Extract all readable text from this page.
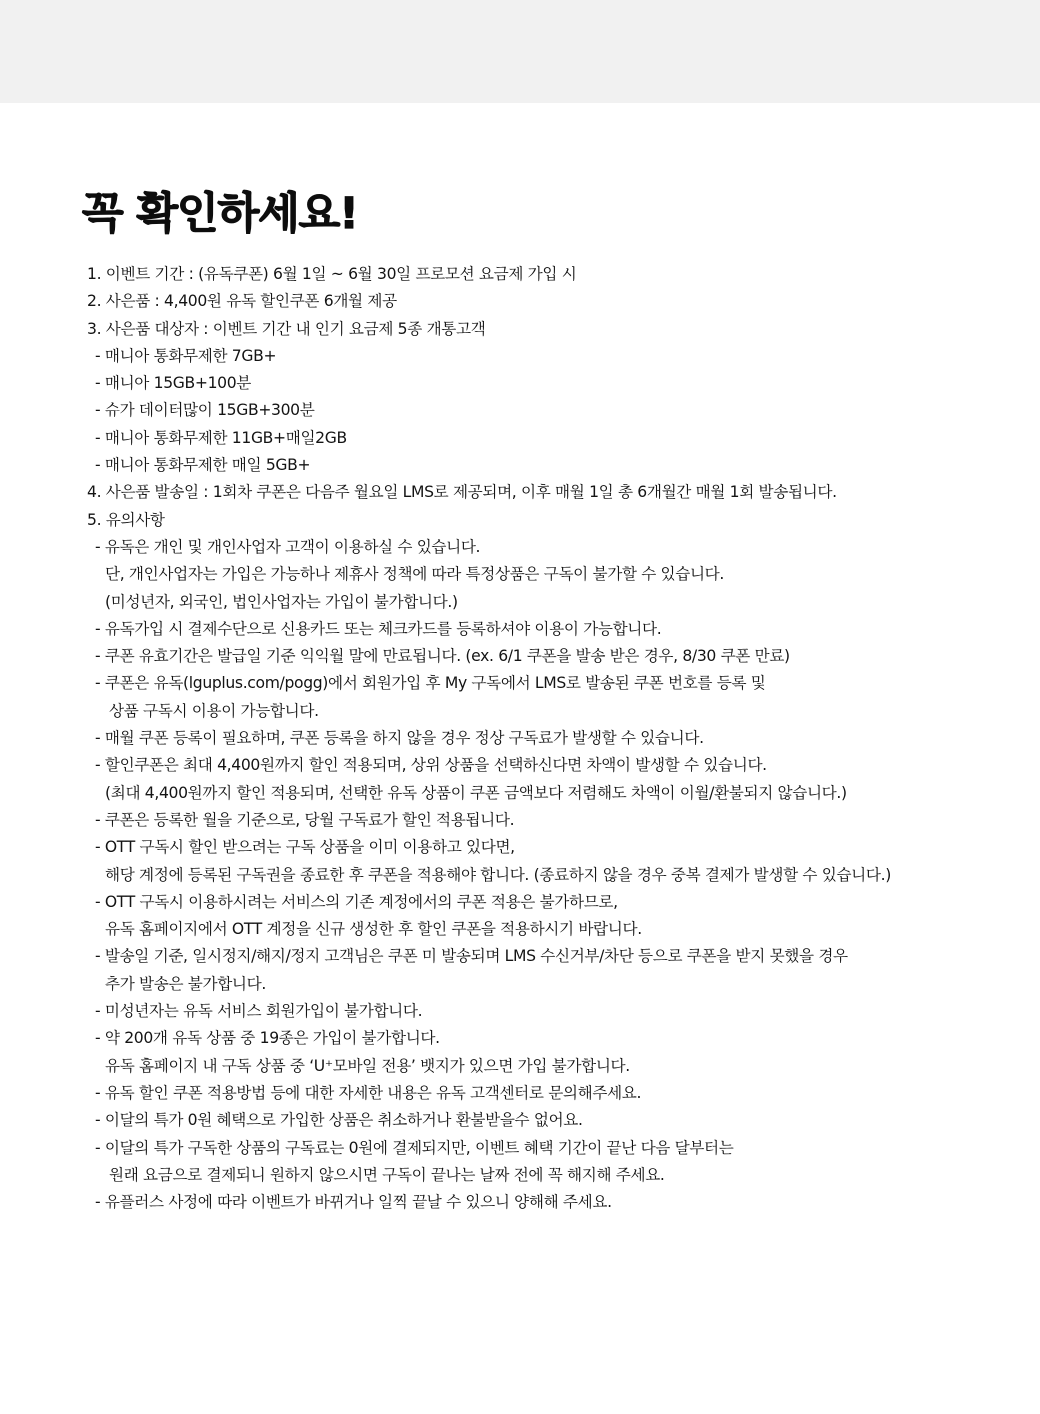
꼭 확인하세요!
1. 이벤트 기간 : (유독쿠폰) 6월 1일 ~ 6월 30일 프로모션 요금제 가입 시
2. 사은품 : 4,400원 유독 할인쿠폰 6개월 제공
3. 사은품 대상자 : 이벤트 기간 내 인기 요금제 5종 개통고객
- 매니아 통화무제한 7GB+
- 매니아 15GB+100분
- 슈가 데이터많이 15GB+300분
- 매니아 통화무제한 11GB+매일2GB
- 매니아 통화무제한 매일 5GB+
4. 사은품 발송일 : 1회차 쿠폰은 다음주 월요일 LMS로 제공되며, 이후 매월 1일 총 6개월간 매월 1회 발송됩니다.
5. 유의사항
- 유독은 개인 및 개인사업자 고객이 이용하실 수 있습니다.
단, 개인사업자는 가입은 가능하나 제휴사 정책에 따라 특정상품은 구독이 불가할 수 있습니다.
(미성년자, 외국인, 법인사업자는 가입이 불가합니다.)
- 유독가입 시 결제수단으로 신용카드 또는 체크카드를 등록하셔야 이용이 가능합니다.
- 쿠폰 유효기간은 발급일 기준 익익월 말에 만료됩니다. (ex. 6/1 쿠폰을 발송 받은 경우, 8/30 쿠폰 만료)
- 쿠폰은 유독(lguplus.com/pogg)에서 회원가입 후 My 구독에서 LMS로 발송된 쿠폰 번호를 등록 및
상품 구독시 이용이 가능합니다.
- 매월 쿠폰 등록이 필요하며, 쿠폰 등록을 하지 않을 경우 정상 구독료가 발생할 수 있습니다.
- 할인쿠폰은 최대 4,400원까지 할인 적용되며, 상위 상품을 선택하신다면 차액이 발생할 수 있습니다.
(최대 4,400원까지 할인 적용되며, 선택한 유독 상품이 쿠폰 금액보다 저렴해도 차액이 이월/환불되지 않습니다.)
- 쿠폰은 등록한 월을 기준으로, 당월 구독료가 할인 적용됩니다.
- OTT 구독시 할인 받으려는 구독 상품을 이미 이용하고 있다면,
해당 계정에 등록된 구독권을 종료한 후 쿠폰을 적용해야 합니다. (종료하지 않을 경우 중복 결제가 발생할 수 있습니다.)
- OTT 구독시 이용하시려는 서비스의 기존 계정에서의 쿠폰 적용은 불가하므로,
유독 홈페이지에서 OTT 계정을 신규 생성한 후 할인 쿠폰을 적용하시기 바랍니다.
- 발송일 기준, 일시정지/해지/정지 고객님은 쿠폰 미 발송되며 LMS 수신거부/차단 등으로 쿠폰을 받지 못했을 경우
추가 발송은 불가합니다.
- 미성년자는 유독 서비스 회원가입이 불가합니다.
- 약 200개 유독 상품 중 19종은 가입이 불가합니다.
유독 홈페이지 내 구독 상품 중 ‘U⁺모바일 전용’ 뱃지가 있으면 가입 불가합니다.
- 유독 할인 쿠폰 적용방법 등에 대한 자세한 내용은 유독 고객센터로 문의해주세요.
- 이달의 특가 0원 혜택으로 가입한 상품은 취소하거나 환불받을수 없어요.
- 이달의 특가 구독한 상품의 구독료는 0원에 결제되지만, 이벤트 혜택 기간이 끝난 다음 달부터는
원래 요금으로 결제되니 원하지 않으시면 구독이 끝나는 날짜 전에 꼭 해지해 주세요.
- 유플러스 사정에 따라 이벤트가 바뀌거나 일찍 끝날 수 있으니 양해해 주세요.
